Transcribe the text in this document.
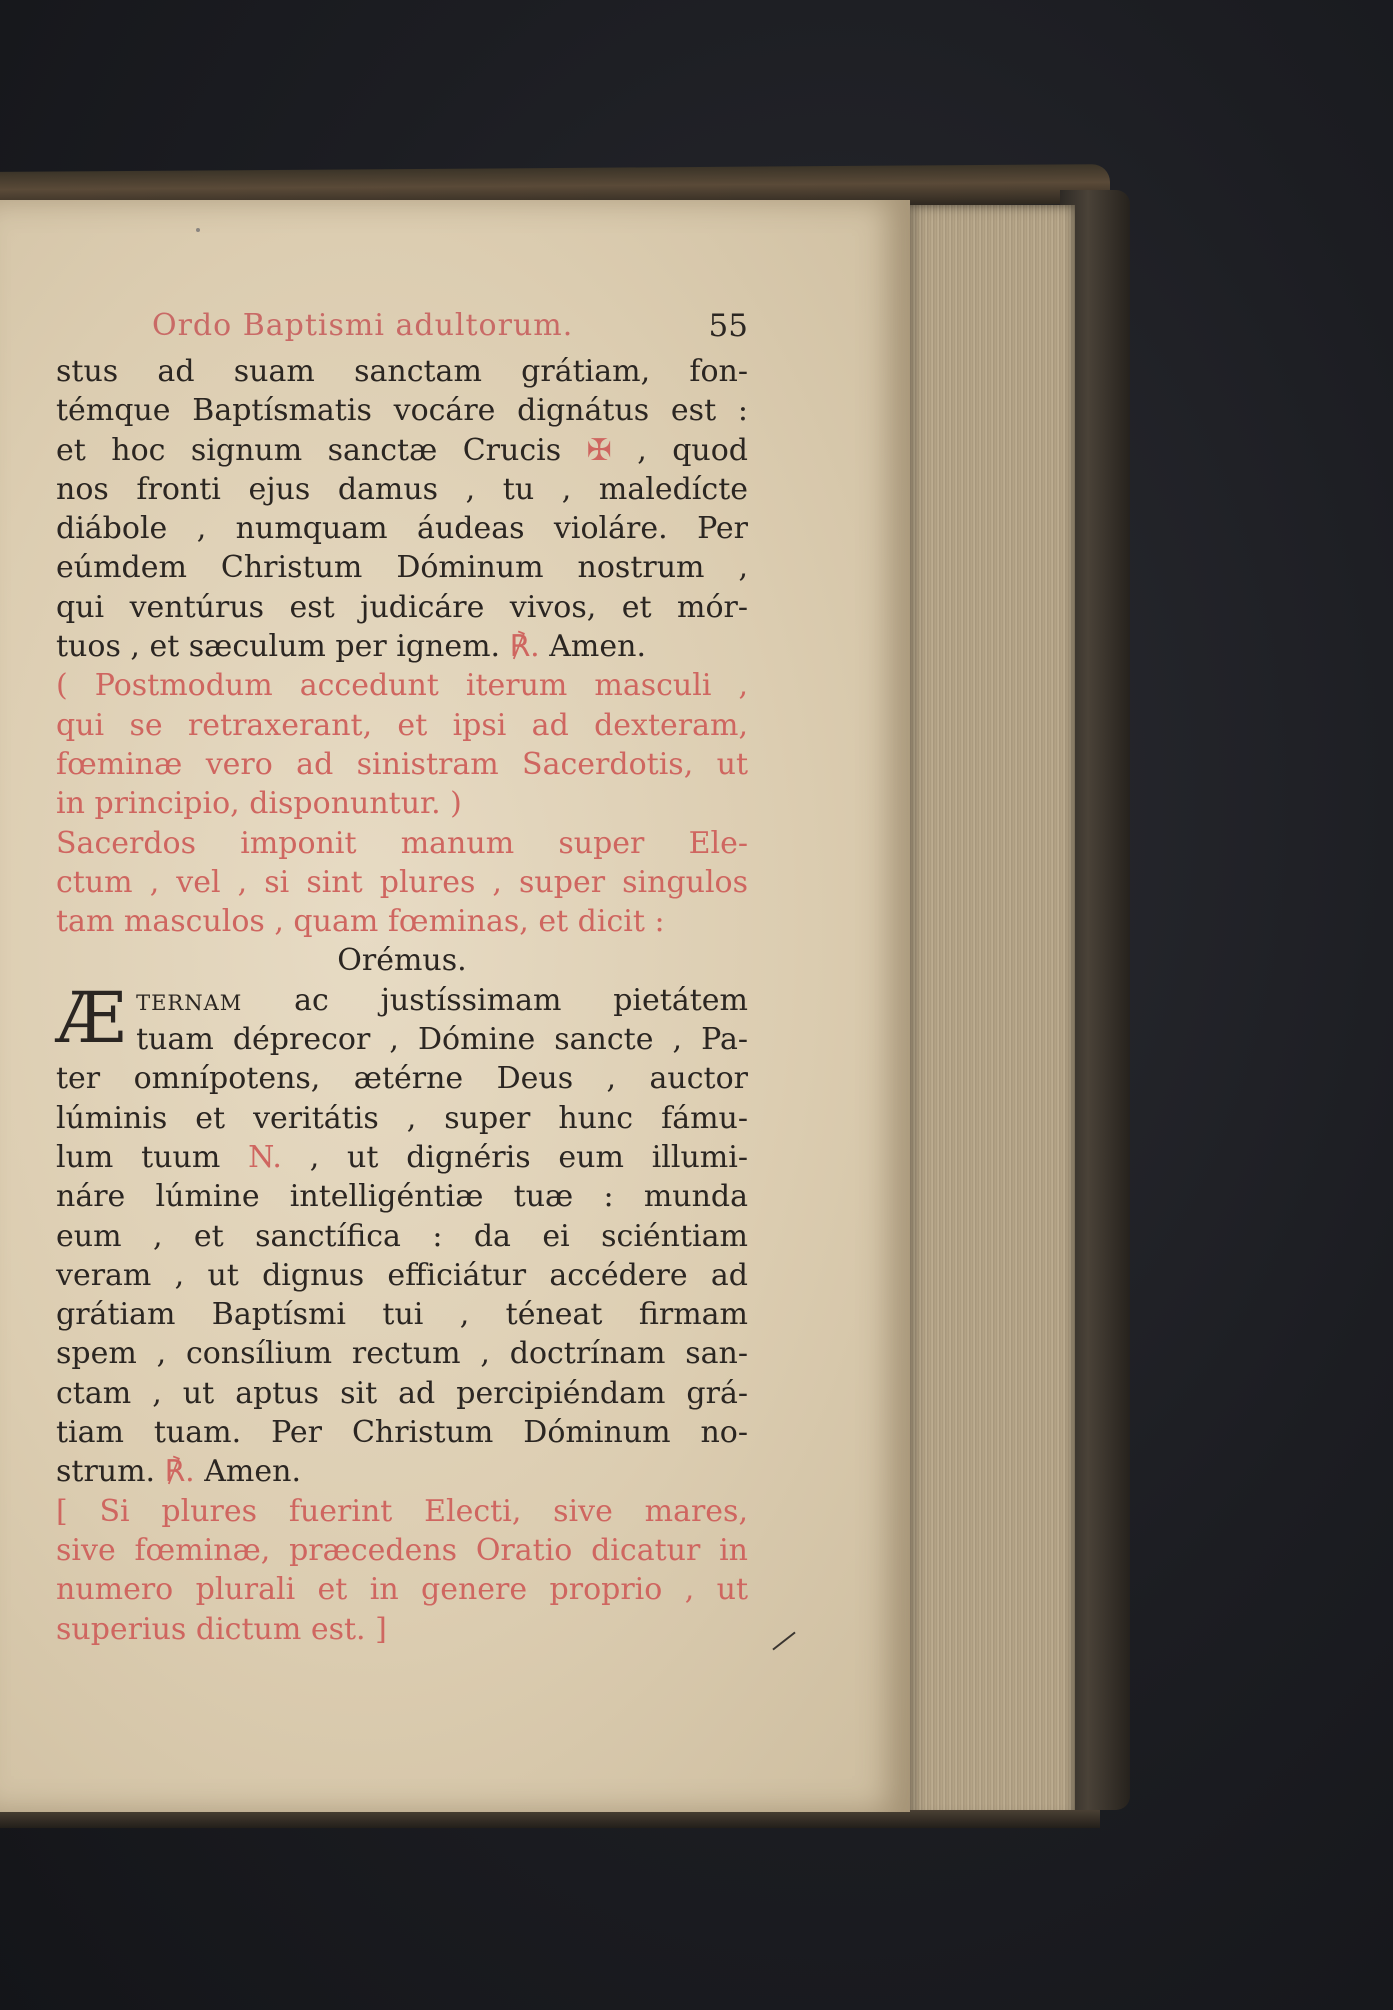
Ordo Baptismi adultorum.	55
stus ad suam sanctam grátiam, fon-
témque Baptísmatis vocáre dignátus est :
et hoc signum sanctæ Crucis ✠ , quod
nos fronti ejus damus , tu , maledícte
diábole , numquam áudeas violáre. Per
eúmdem Christum Dóminum nostrum ,
qui ventúrus est judicáre vivos, et mór-
tuos , et sæculum per ignem. ℟. Amen.
( Postmodum accedunt iterum masculi ,
qui se retraxerant, et ipsi ad dexteram,
fœminæ vero ad sinistram Sacerdotis, ut
in principio, disponuntur. )
Sacerdos imponit manum super Ele-
ctum , vel , si sint plures , super singulos
tam masculos , quam fœminas, et dicit :
Orémus.
Æ ternam ac justíssimam pietátem
tuam déprecor , Dómine sancte , Pa-
ter omnípotens, ætérne Deus , auctor
lúminis et veritátis , super hunc fámu-
lum tuum N. , ut dignéris eum illumi-
náre lúmine intelligéntiæ tuæ : munda
eum , et sanctífica : da ei sciéntiam
veram , ut dignus efficiátur accédere ad
grátiam Baptísmi tui , téneat firmam
spem , consílium rectum , doctrínam san-
ctam , ut aptus sit ad percipiéndam grá-
tiam tuam. Per Christum Dóminum no-
strum. ℟. Amen.
[ Si plures fuerint Electi, sive mares,
sive fœminæ, præcedens Oratio dicatur in
numero plurali et in genere proprio , ut
superius dictum est. ]
